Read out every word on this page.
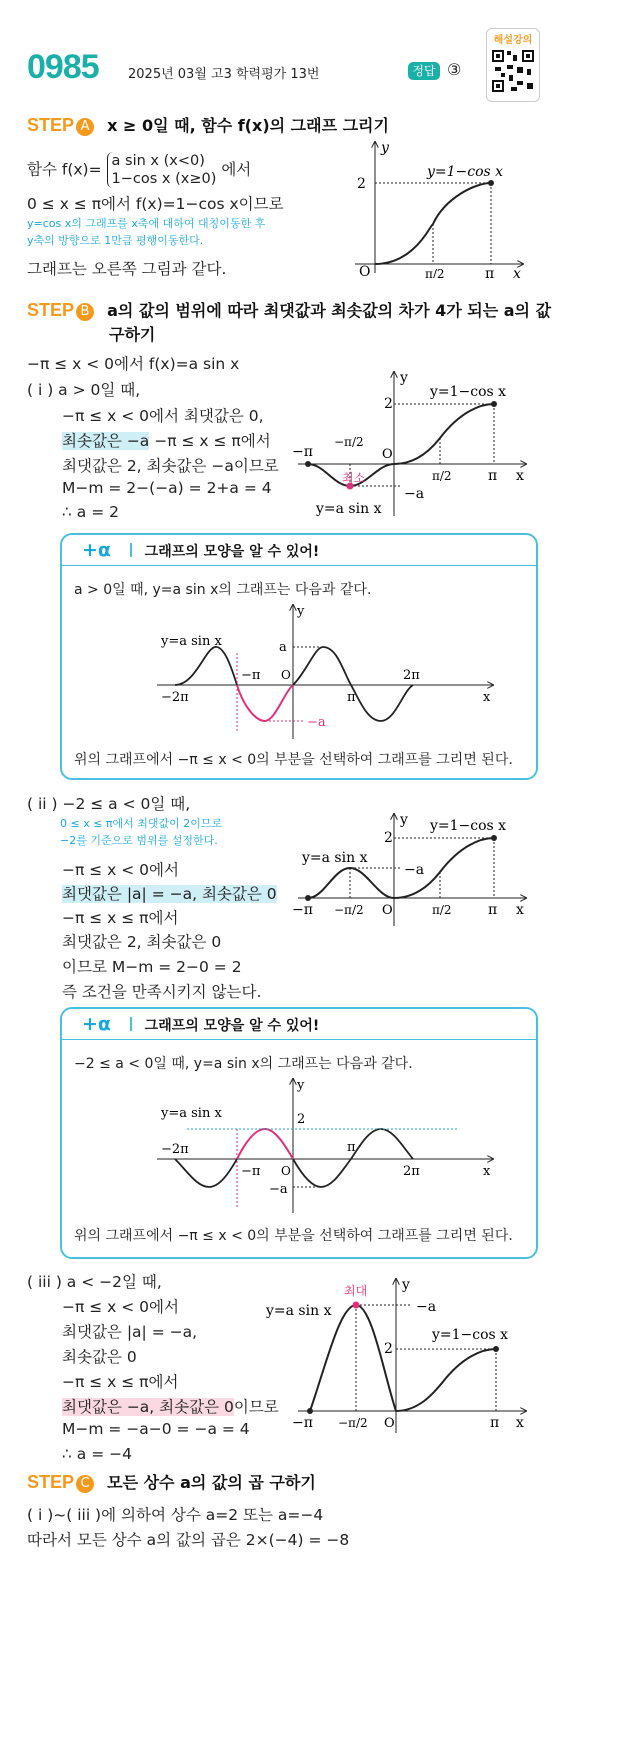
0985 2025년 03월 고3 학력평가 13번	정답 ③
해설강의
STEP A x ≥ 0일 때, 함수 f(x)의 그래프 그리기
함수 f(x)= a sin x (x<0)
1−cos x (x≥0)
에서
0 ≤ x ≤ π에서 f(x)=1−cos x이므로
y=cos x의 그래프를 x축에 대하여 대칭이동한 후
y축의 방향으로 1만큼 평행이동한다.
그래프는 오른쪽 그림과 같다.
2
O
y
x
π/2	π
y=1−cos x
STEP B a의 값의 범위에 따라 최댓값과 최솟값의 차가 4가 되는 a의 값
구하기
−π ≤ x < 0에서 f(x)=a sin x
( i ) a > 0일 때,
−π ≤ x < 0에서 최댓값은 0,
최솟값은 −a −π ≤ x ≤ π에서
최댓값은 2, 최솟값은 −a이므로
M−m = 2−(−a) = 2+a = 4
∴ a = 2
−π
−π/2
최소
−a
y=a sin x
y=1−cos x
2
O
y
x
π/2	π
+α 그래프의 모양을 알 수 있어!
a > 0일 때, y=a sin x의 그래프는 다음과 같다.
y=a sin x	a
−a
−2π
−π
π
2π
O
y
x
위의 그래프에서 −π ≤ x < 0의 부분을 선택하여 그래프를 그리면 된다.
( ii ) −2 ≤ a < 0일 때,
0 ≤ x ≤ π에서 최댓값이 2이므로
−2를 기준으로 범위를 설정한다.
−π ≤ x < 0에서
최댓값은 |a| = −a, 최솟값은 0
−π ≤ x ≤ π에서
최댓값은 2, 최솟값은 0
이므로 M−m = 2−0 = 2
즉 조건을 만족시키지 않는다.
y=a sin x
−a
y=1−cos x
2
−π −π/2 O	π/2	π
y
x
+α 그래프의 모양을 알 수 있어!
−2 ≤ a < 0일 때, y=a sin x의 그래프는 다음과 같다.
y=a sin x	2
−a
−2π
−π
π
2π
O
y
x
위의 그래프에서 −π ≤ x < 0의 부분을 선택하여 그래프를 그리면 된다.
( iii ) a < −2일 때,
−π ≤ x < 0에서
최댓값은 |a| = −a,
최솟값은 0
−π ≤ x ≤ π에서
최댓값은 −a, 최솟값은 0이므로
M−m = −a−0 = −a = 4
∴ a = −4
최대
y=a sin x	−a
y=1−cos x
2
−π −π/2 O	π
y
x
STEP C 모든 상수 a의 값의 곱 구하기
( i )~( iii )에 의하여 상수 a=2 또는 a=−4
따라서 모든 상수 a의 값의 곱은 2×(−4) = −8
